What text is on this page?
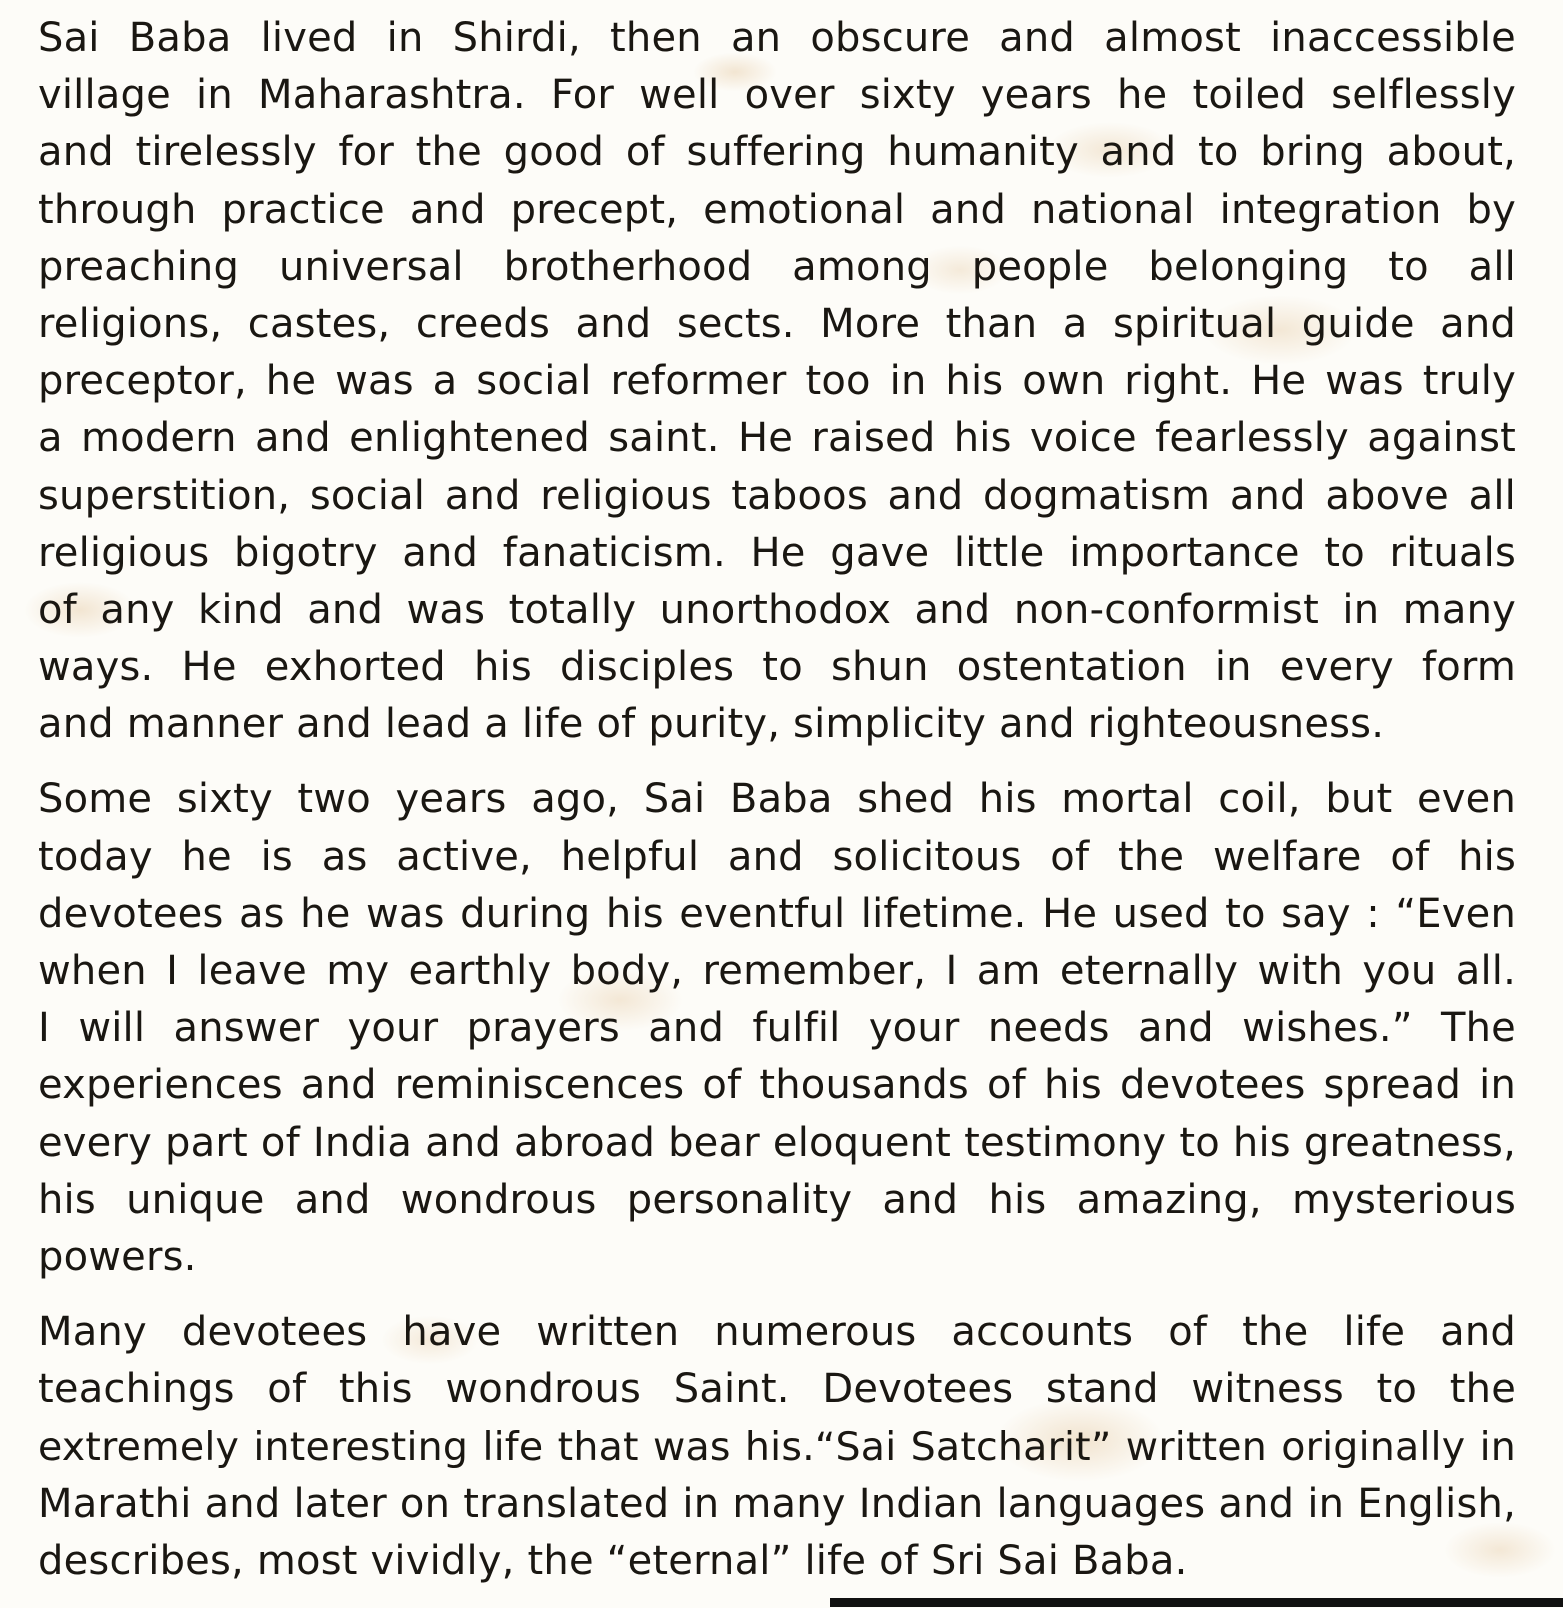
Sai Baba lived in Shirdi, then an obscure and almost inaccessible
village in Maharashtra. For well over sixty years he toiled selflessly
and tirelessly for the good of suffering humanity and to bring about,
through practice and precept, emotional and national integration by
preaching universal brotherhood among people belonging to all
religions, castes, creeds and sects. More than a spiritual guide and
preceptor, he was a social reformer too in his own right. He was truly
a modern and enlightened saint. He raised his voice fearlessly against
superstition, social and religious taboos and dogmatism and above all
religious bigotry and fanaticism. He gave little importance to rituals
of any kind and was totally unorthodox and non-conformist in many
ways. He exhorted his disciples to shun ostentation in every form
and manner and lead a life of purity, simplicity and righteousness.
Some sixty two years ago, Sai Baba shed his mortal coil, but even
today he is as active, helpful and solicitous of the welfare of his
devotees as he was during his eventful lifetime. He used to say : “Even
when I leave my earthly body, remember, I am eternally with you all.
I will answer your prayers and fulfil your needs and wishes.” The
experiences and reminiscences of thousands of his devotees spread in
every part of India and abroad bear eloquent testimony to his greatness,
his unique and wondrous personality and his amazing, mysterious
powers.
Many devotees have written numerous accounts of the life and
teachings of this wondrous Saint. Devotees stand witness to the
extremely interesting life that was his.“Sai Satcharit” written originally in
Marathi and later on translated in many Indian languages and in English,
describes, most vividly, the “eternal” life of Sri Sai Baba.
